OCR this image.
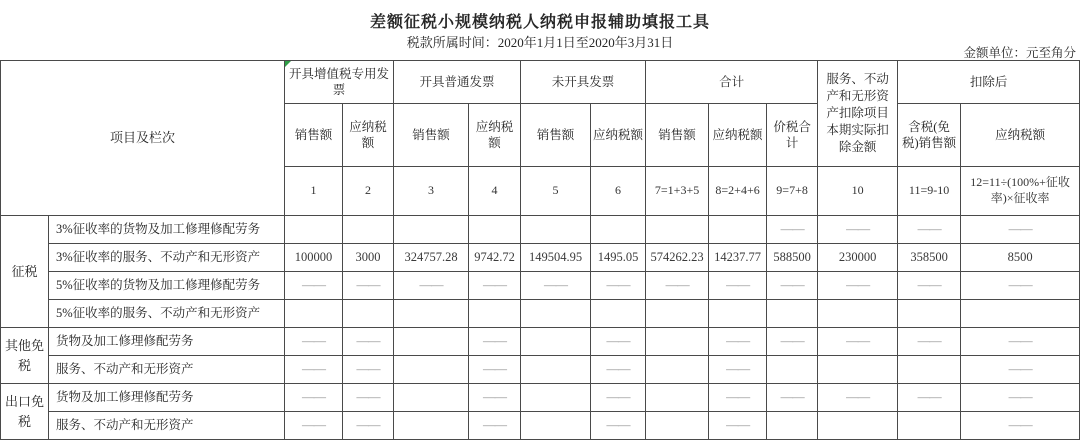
差额征税小规模纳税人纳税申报辅助填报工具
税款所属时间：2020年1月1日至2020年3月31日
金额单位：元至角分
项目及栏次		开具增值税专用发票		开具普通发票		未开具发票		合计			服务、不动产和无形资产扣除项目本期实际扣除金额	扣除后	
		销售额	应纳税额	销售额	应纳税额	销售额	应纳税额	销售额	应纳税额	价税合计		含税(免税)销售额	应纳税额
		1	2	3	4	5	6	7=1+3+5	8=2+4+6	9=7+8	10	11=9-10	12=11÷(100%+征收率)×征收率
征税	3%征收率的货物及加工修理修配劳务									——	——	——	——
	3%征收率的服务、不动产和无形资产	100000	3000	324757.28	9742.72	149504.95	1495.05	574262.23	14237.77	588500	230000	358500	8500
	5%征收率的货物及加工修理修配劳务	——	——	——	——	——	——	——	——	——	——	——	——
	5%征收率的服务、不动产和无形资产												
其他免税	货物及加工修理修配劳务	——	——		——		——		——	——	——	——	——
	服务、不动产和无形资产	——	——		——		——		——				——
出口免税	货物及加工修理修配劳务	——	——		——		——		——	——	——	——	——
	服务、不动产和无形资产	——	——		——		——		——				——
